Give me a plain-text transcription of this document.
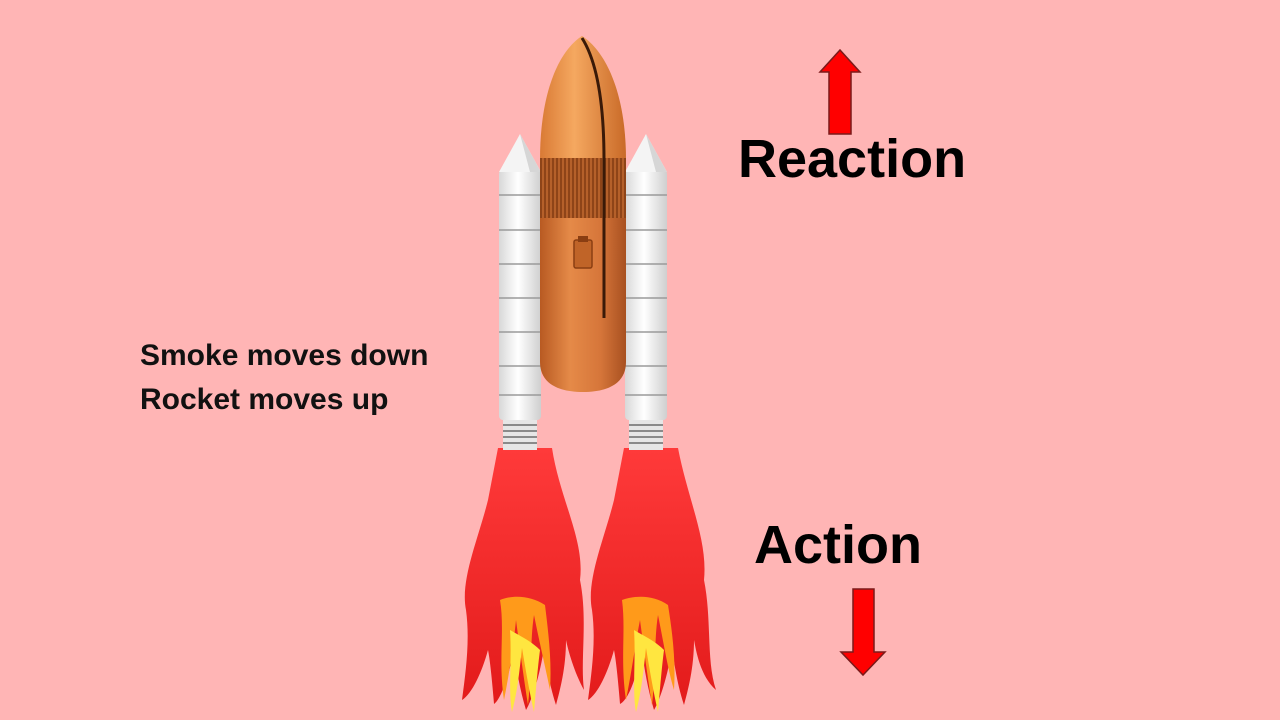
Reaction
Action
Smoke moves down
Rocket moves up
